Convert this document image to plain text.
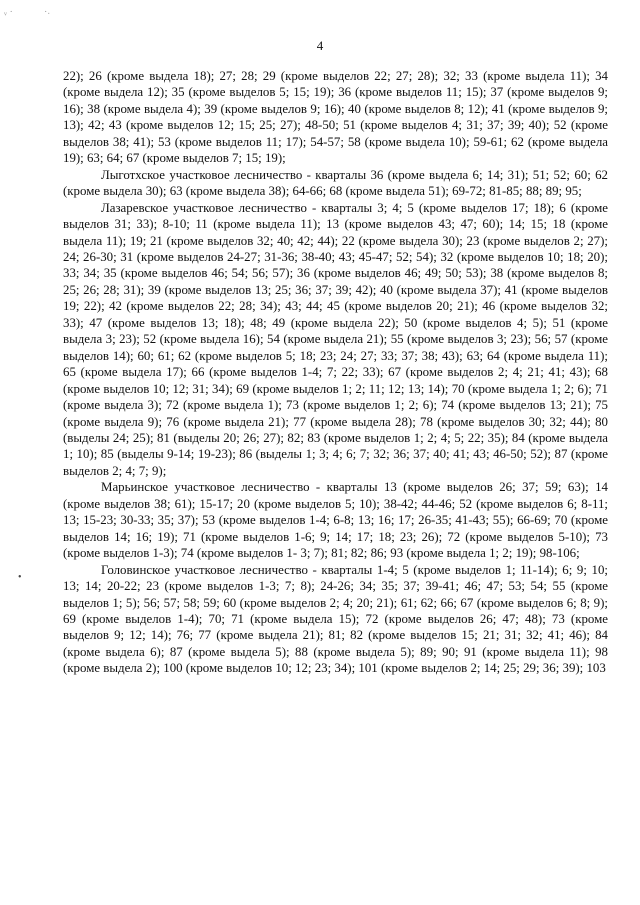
ᵛ ˙	˙ˑ
•
4

22); 26 (кроме выдела 18); 27; 28; 29 (кроме выделов 22; 27; 28); 32; 33 (кроме выдела 11); 34 (кроме выдела 12); 35 (кроме выделов 5; 15; 19); 36 (кроме выделов 11; 15); 37 (кроме выделов 9; 16); 38 (кроме выдела 4); 39 (кроме выделов 9; 16); 40 (кроме выделов 8; 12); 41 (кроме выделов 9; 13); 42; 43 (кроме выделов 12; 15; 25; 27); 48-50; 51 (кроме выделов 4; 31; 37; 39; 40); 52 (кроме выделов 38; 41); 53 (кроме выделов 11; 17); 54-57; 58 (кроме выдела 10); 59-61; 62 (кроме выдела 19); 63; 64; 67 (кроме выделов 7; 15; 19);

Лыготхское участковое лесничество - кварталы 36 (кроме выдела 6; 14; 31); 51; 52; 60; 62 (кроме выдела 30); 63 (кроме выдела 38); 64-66; 68 (кроме выдела 51); 69-72; 81-85; 88; 89; 95;

Лазаревское участковое лесничество - кварталы 3; 4; 5 (кроме выделов 17; 18); 6 (кроме выделов 31; 33); 8-10; 11 (кроме выдела 11); 13 (кроме выделов 43; 47; 60); 14; 15; 18 (кроме выдела 11); 19; 21 (кроме выделов 32; 40; 42; 44); 22 (кроме выдела 30); 23 (кроме выделов 2; 27); 24; 26-30; 31 (кроме выделов 24-27; 31-36; 38-40; 43; 45-47; 52; 54); 32 (кроме выделов 10; 18; 20); 33; 34; 35 (кроме выделов 46; 54; 56; 57); 36 (кроме выделов 46; 49; 50; 53); 38 (кроме выделов 8; 25; 26; 28; 31); 39 (кроме выделов 13; 25; 36; 37; 39; 42); 40 (кроме выдела 37); 41 (кроме выделов 19; 22); 42 (кроме выделов 22; 28; 34); 43; 44; 45 (кроме выделов 20; 21); 46 (кроме выделов 32; 33); 47 (кроме выделов 13; 18); 48; 49 (кроме выдела 22); 50 (кроме выделов 4; 5); 51 (кроме выдела 3; 23); 52 (кроме выдела 16); 54 (кроме выдела 21); 55 (кроме выделов 3; 23); 56; 57 (кроме выделов 14); 60; 61; 62 (кроме выделов 5; 18; 23; 24; 27; 33; 37; 38; 43); 63; 64 (кроме выдела 11); 65 (кроме выдела 17); 66 (кроме выделов 1-4; 7; 22; 33); 67 (кроме выделов 2; 4; 21; 41; 43); 68 (кроме выделов 10; 12; 31; 34); 69 (кроме выделов 1; 2; 11; 12; 13; 14); 70 (кроме выдела 1; 2; 6); 71 (кроме выдела 3); 72 (кроме выдела 1); 73 (кроме выделов 1; 2; 6); 74 (кроме выделов 13; 21); 75 (кроме выдела 9); 76 (кроме выдела 21); 77 (кроме выдела 28); 78 (кроме выделов 30; 32; 44); 80 (выделы 24; 25); 81 (выделы 20; 26; 27); 82; 83 (кроме выделов 1; 2; 4; 5; 22; 35); 84 (кроме выдела 1; 10); 85 (выделы 9-14; 19-23); 86 (выделы 1; 3; 4; 6; 7; 32; 36; 37; 40; 41; 43; 46-50; 52); 87 (кроме выделов 2; 4; 7; 9);

Марьинское участковое лесничество - кварталы 13 (кроме выделов 26; 37; 59; 63); 14 (кроме выделов 38; 61); 15-17; 20 (кроме выделов 5; 10); 38-42; 44-46; 52 (кроме выделов 6; 8-11; 13; 15-23; 30-33; 35; 37); 53 (кроме выделов 1-4; 6-8; 13; 16; 17; 26-35; 41-43; 55); 66-69; 70 (кроме выделов 14; 16; 19); 71 (кроме выделов 1-6; 9; 14; 17; 18; 23; 26); 72 (кроме выделов 5-10); 73 (кроме выделов 1-3); 74 (кроме выделов 1- 3; 7); 81; 82; 86; 93 (кроме выдела 1; 2; 19); 98-106;

Головинское участковое лесничество - кварталы 1-4; 5 (кроме выделов 1; 11-14); 6; 9; 10; 13; 14; 20-22; 23 (кроме выделов 1-3; 7; 8); 24-26; 34; 35; 37; 39-41; 46; 47; 53; 54; 55 (кроме выделов 1; 5); 56; 57; 58; 59; 60 (кроме выделов 2; 4; 20; 21); 61; 62; 66; 67 (кроме выделов 6; 8; 9); 69 (кроме выделов 1-4); 70; 71 (кроме выдела 15); 72 (кроме выделов 26; 47; 48); 73 (кроме выделов 9; 12; 14); 76; 77 (кроме выдела 21); 81; 82 (кроме выделов 15; 21; 31; 32; 41; 46); 84 (кроме выдела 6); 87 (кроме выдела 5); 88 (кроме выдела 5); 89; 90; 91 (кроме выдела 11); 98 (кроме выдела 2); 100 (кроме выделов 10; 12; 23; 34); 101 (кроме выделов 2; 14; 25; 29; 36; 39); 103
